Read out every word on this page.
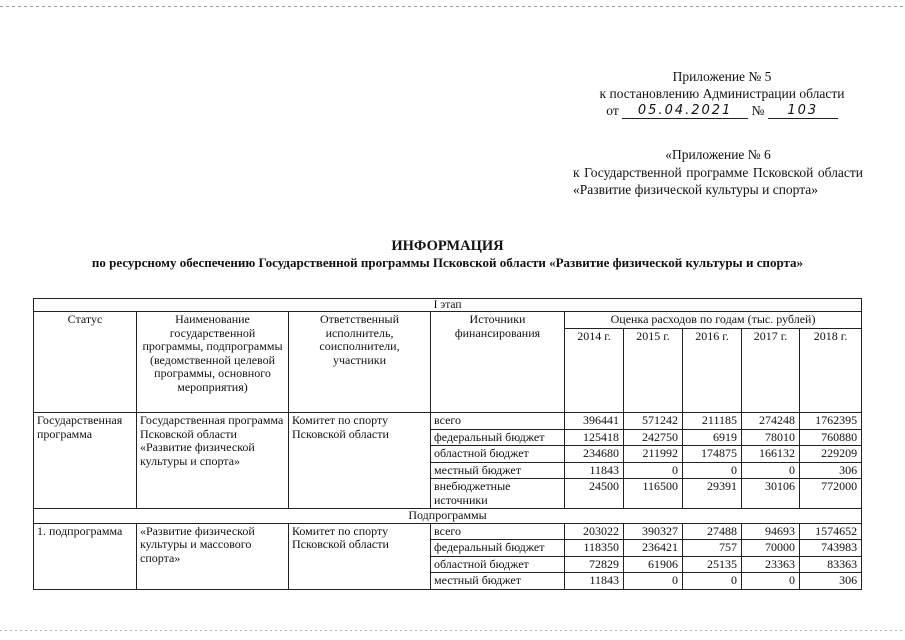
Приложение № 5
к постановлению Администрации области
от 05.04.2021 № 103
«Приложение № 6
к Государственной программе Псковской области «Развитие физической культуры и спорта»
ИНФОРМАЦИЯ
по ресурсному обеспечению Государственной программы Псковской области «Развитие физической культуры и спорта»
I этап								
Статус	Наименование государственной программы, подпрограммы (ведомственной целевой программы, основного мероприятия)	Ответственный исполнитель, соисполнители, участники	Источники финансирования	Оценка расходов по годам (тыс. рублей)				
				2014 г.	2015 г.	2016 г.	2017 г.	2018 г.
Государственная программа	Государственная программа Псковской области «Развитие физической культуры и спорта»	Комитет по спорту Псковской области	всего	396441	571242	211185	274248	1762395
			федеральный бюджет	125418	242750	6919	78010	760880
			областной бюджет	234680	211992	174875	166132	229209
			местный бюджет	11843	0	0	0	306
			внебюджетные источники	24500	116500	29391	30106	772000
Подпрограммы								
1. подпрограмма	«Развитие физической культуры и массового спорта»	Комитет по спорту Псковской области	всего	203022	390327	27488	94693	1574652
			федеральный бюджет	118350	236421	757	70000	743983
			областной бюджет	72829	61906	25135	23363	83363
			местный бюджет	11843	0	0	0	306
